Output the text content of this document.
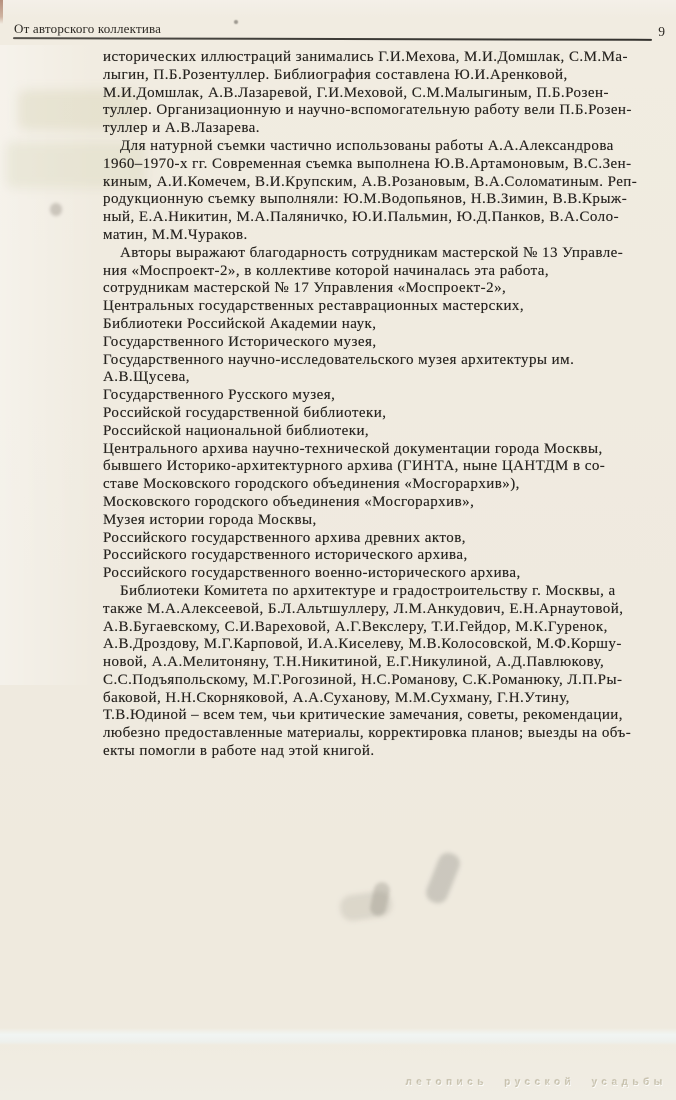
От авторского коллектива	9
исторических иллюстраций занимались Г.И.Мехова, М.И.Домшлак, С.М.Ма-
лыгин, П.Б.Розентуллер. Библиография составлена Ю.И.Аренковой,
М.И.Домшлак, А.В.Лазаревой, Г.И.Меховой, С.М.Малыгиным, П.Б.Розен-
туллер. Организационную и научно-вспомогательную работу вели П.Б.Розен-
туллер и А.В.Лазарева.
Для натурной съемки частично использованы работы А.А.Александрова
1960–1970-х гг. Современная съемка выполнена Ю.В.Артамоновым, В.С.Зен-
киным, А.И.Комечем, В.И.Крупским, А.В.Розановым, В.А.Соломатиным. Реп-
родукционную съемку выполняли: Ю.М.Водопьянов, Н.В.Зимин, В.В.Крыж-
ный, Е.А.Никитин, М.А.Паляничко, Ю.И.Пальмин, Ю.Д.Панков, В.А.Соло-
матин, М.М.Чураков.
Авторы выражают благодарность сотрудникам мастерской № 13 Управле-
ния «Моспроект-2», в коллективе которой начиналась эта работа,
сотрудникам мастерской № 17 Управления «Моспроект-2»,
Центральных государственных реставрационных мастерских,
Библиотеки Российской Академии наук,
Государственного Исторического музея,
Государственного научно-исследовательского музея архитектуры им.
А.В.Щусева,
Государственного Русского музея,
Российской государственной библиотеки,
Российской национальной библиотеки,
Центрального архива научно-технической документации города Москвы,
бывшего Историко-архитектурного архива (ГИНТА, ныне ЦАНТДМ в со-
ставе Московского городского объединения «Мосгорархив»),
Московского городского объединения «Мосгорархив»,
Музея истории города Москвы,
Российского государственного архива древних актов,
Российского государственного исторического архива,
Российского государственного военно-исторического архива,
Библиотеки Комитета по архитектуре и градостроительству г. Москвы, а
также М.А.Алексеевой, Б.Л.Альтшуллеру, Л.М.Анкудович, Е.Н.Арнаутовой,
А.В.Бугаевскому, С.И.Вареховой, А.Г.Векслеру, Т.И.Гейдор, М.К.Гуренок,
А.В.Дроздову, М.Г.Карповой, И.А.Киселеву, М.В.Колосовской, М.Ф.Коршу-
новой, А.А.Мелитоняну, Т.Н.Никитиной, Е.Г.Никулиной, А.Д.Павлюкову,
С.С.Подъяпольскому, М.Г.Рогозиной, Н.С.Романову, С.К.Романюку, Л.П.Ры-
баковой, Н.Н.Скорняковой, А.А.Суханову, М.М.Сухману, Г.Н.Утину,
Т.В.Юдиной – всем тем, чьи критические замечания, советы, рекомендации,
любезно предоставленные материалы, корректировка планов; выезды на объ-
екты помогли в работе над этой книгой.
летопись русской усадьбы
